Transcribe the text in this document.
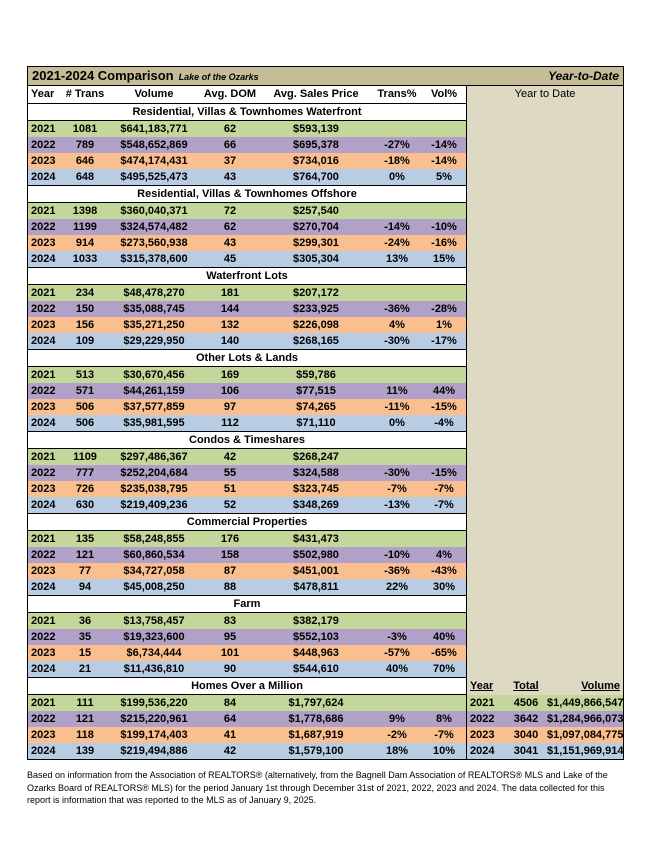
2021-2024 Comparison Lake of the Ozarks	Year-to-Date
Year	# Trans	Volume	Avg. DOM	Avg. Sales Price	Trans%	Vol%
Residential, Villas & Townhomes Waterfront
2021	1081	$641,183,771	62	$593,139
2022	789	$548,652,869	66	$695,378	-27%	-14%
2023	646	$474,174,431	37	$734,016	-18%	-14%
2024	648	$495,525,473	43	$764,700	0%	5%
Residential, Villas & Townhomes Offshore
2021	1398	$360,040,371	72	$257,540
2022	1199	$324,574,482	62	$270,704	-14%	-10%
2023	914	$273,560,938	43	$299,301	-24%	-16%
2024	1033	$315,378,600	45	$305,304	13%	15%
Waterfront Lots
2021	234	$48,478,270	181	$207,172
2022	150	$35,088,745	144	$233,925	-36%	-28%
2023	156	$35,271,250	132	$226,098	4%	1%
2024	109	$29,229,950	140	$268,165	-30%	-17%
Other Lots & Lands
2021	513	$30,670,456	169	$59,786
2022	571	$44,261,159	106	$77,515	11%	44%
2023	506	$37,577,859	97	$74,265	-11%	-15%
2024	506	$35,981,595	112	$71,110	0%	-4%
Condos & Timeshares
2021	1109	$297,486,367	42	$268,247
2022	777	$252,204,684	55	$324,588	-30%	-15%
2023	726	$235,038,795	51	$323,745	-7%	-7%
2024	630	$219,409,236	52	$348,269	-13%	-7%
Commercial Properties
2021	135	$58,248,855	176	$431,473
2022	121	$60,860,534	158	$502,980	-10%	4%
2023	77	$34,727,058	87	$451,001	-36%	-43%
2024	94	$45,008,250	88	$478,811	22%	30%
Farm
2021	36	$13,758,457	83	$382,179
2022	35	$19,323,600	95	$552,103	-3%	40%
2023	15	$6,734,444	101	$448,963	-57%	-65%
2024	21	$11,436,810	90	$544,610	40%	70%
Homes Over a Million
2021	111	$199,536,220	84	$1,797,624
2022	121	$215,220,961	64	$1,778,686	9%	8%
2023	118	$199,174,403	41	$1,687,919	-2%	-7%
2024	139	$219,494,886	42	$1,579,100	18%	10%
Year to Date
Year	Total	Volume
2021	4506 $1,449,866,547
2022	3642 $1,284,966,073
2023	3040 $1,097,084,775
2024	3041 $1,151,969,914

Based on information from the Association of REALTORS® (alternatively, from the Bagnell Dam Association of REALTORS® MLS and Lake of the Ozarks Board of REALTORS® MLS) for the period January 1st through December 31st of 2021, 2022, 2023 and 2024. The data collected for this report is information that was reported to the MLS as of January 9, 2025.
